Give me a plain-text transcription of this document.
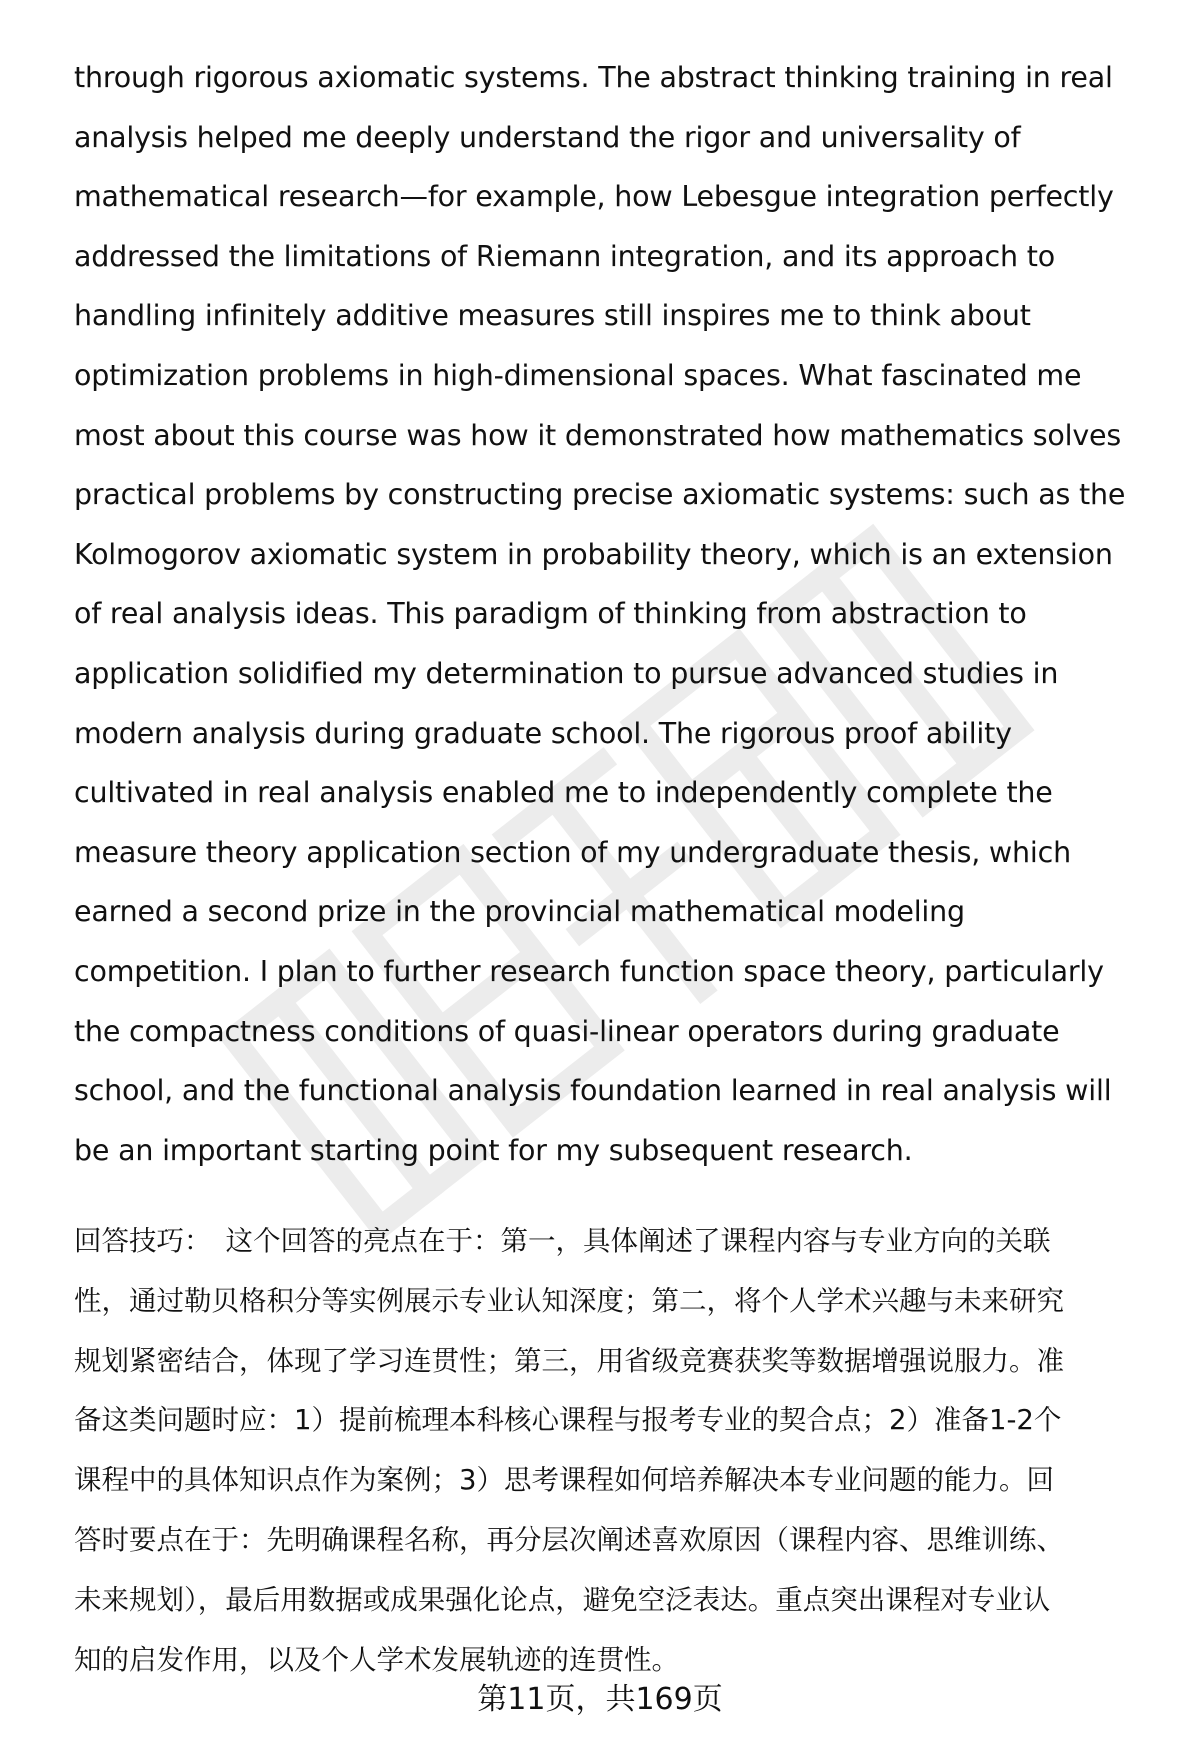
through rigorous axiomatic systems. The abstract thinking training in real
analysis helped me deeply understand the rigor and universality of
mathematical research—for example, how Lebesgue integration perfectly
addressed the limitations of Riemann integration, and its approach to
handling infinitely additive measures still inspires me to think about
optimization problems in high-dimensional spaces. What fascinated me
most about this course was how it demonstrated how mathematics solves
practical problems by constructing precise axiomatic systems: such as the
Kolmogorov axiomatic system in probability theory, which is an extension
of real analysis ideas. This paradigm of thinking from abstraction to
application solidified my determination to pursue advanced studies in
modern analysis during graduate school. The rigorous proof ability
cultivated in real analysis enabled me to independently complete the
measure theory application section of my undergraduate thesis, which
earned a second prize in the provincial mathematical modeling
competition. I plan to further research function space theory, particularly
the compactness conditions of quasi-linear operators during graduate
school, and the functional analysis foundation learned in real analysis will
be an important starting point for my subsequent research.

回答技巧： 这个回答的亮点在于：第一，具体阐述了课程内容与专业方向的关联
性，通过勒贝格积分等实例展示专业认知深度；第二，将个人学术兴趣与未来研究
规划紧密结合，体现了学习连贯性；第三，用省级竞赛获奖等数据增强说服力。准
备这类问题时应：1）提前梳理本科核心课程与报考专业的契合点；2）准备1-2个
课程中的具体知识点作为案例；3）思考课程如何培养解决本专业问题的能力。回
答时要点在于：先明确课程名称，再分层次阐述喜欢原因（课程内容、思维训练、
未来规划），最后用数据或成果强化论点，避免空泛表达。重点突出课程对专业认
知的启发作用，以及个人学术发展轨迹的连贯性。

第11页，共169页
